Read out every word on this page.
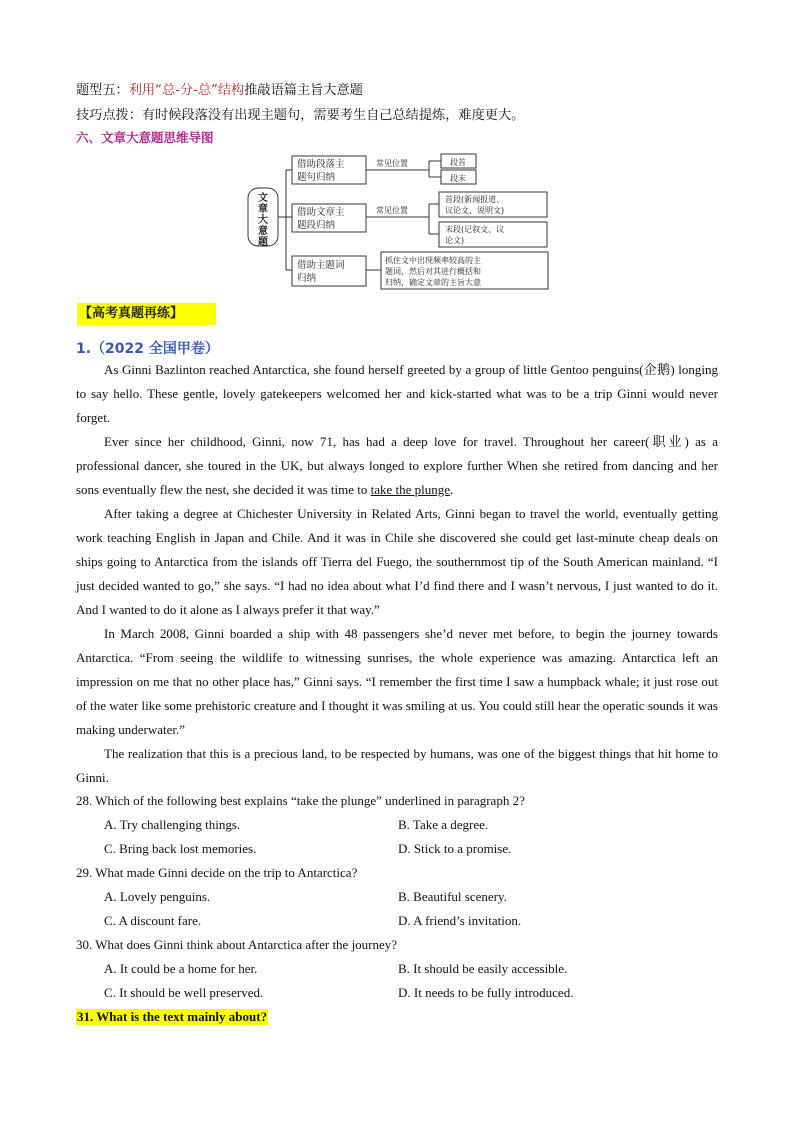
题型五：利用“总-分-总”结构推敲语篇主旨大意题
技巧点拨：有时候段落没有出现主题句，需要考生自己总结提炼，难度更大。
六、文章大意题思维导图
文
章
大
意
题
借助段落主
题句归纳
借助文章主
题段归纳
借助主题词
归纳
常见位置
常见位置
段首
段末
首段(新闻报道、
议论文、说明文)
末段(记叙文、议
论文)
抓住文中出现频率较高的主
题词，然后对其进行概括和
归纳，确定文章的主旨大意
【高考真题再练】
1.（2022 全国甲卷）
As Ginni Bazlinton reached Antarctica, she found herself greeted by a group of little Gentoo penguins(企鹅) longing to say hello. These gentle, lovely gatekeepers welcomed her and kick-started what was to be a trip Ginni would never forget.
Ever since her childhood, Ginni, now 71, has had a deep love for travel. Throughout her career(职业) as a professional dancer, she toured in the UK, but always longed to explore further When she retired from dancing and her sons eventually flew the nest, she decided it was time to take the plunge.
After taking a degree at Chichester University in Related Arts, Ginni began to travel the world, eventually getting work teaching English in Japan and Chile. And it was in Chile she discovered she could get last-minute cheap deals on ships going to Antarctica from the islands off Tierra del Fuego, the southernmost tip of the South American mainland. “I just decided wanted to go,” she says. “I had no idea about what I’d find there and I wasn’t nervous, I just wanted to do it. And I wanted to do it alone as I always prefer it that way.”
In March 2008, Ginni boarded a ship with 48 passengers she’d never met before, to begin the journey towards Antarctica. “From seeing the wildlife to witnessing sunrises, the whole experience was amazing. Antarctica left an impression on me that no other place has,” Ginni says. “I remember the first time I saw a humpback whale; it just rose out of the water like some prehistoric creature and I thought it was smiling at us. You could still hear the operatic sounds it was making underwater.”
The realization that this is a precious land, to be respected by humans, was one of the biggest things that hit home to Ginni.
28. Which of the following best explains “take the plunge” underlined in paragraph 2?
A. Try challenging things.	B. Take a degree.
C. Bring back lost memories.	D. Stick to a promise.
29. What made Ginni decide on the trip to Antarctica?
A. Lovely penguins.	B. Beautiful scenery.
C. A discount fare.	D. A friend’s invitation.
30. What does Ginni think about Antarctica after the journey?
A. It could be a home for her.	B. It should be easily accessible.
C. It should be well preserved.	D. It needs to be fully introduced.
31. What is the text mainly about?
